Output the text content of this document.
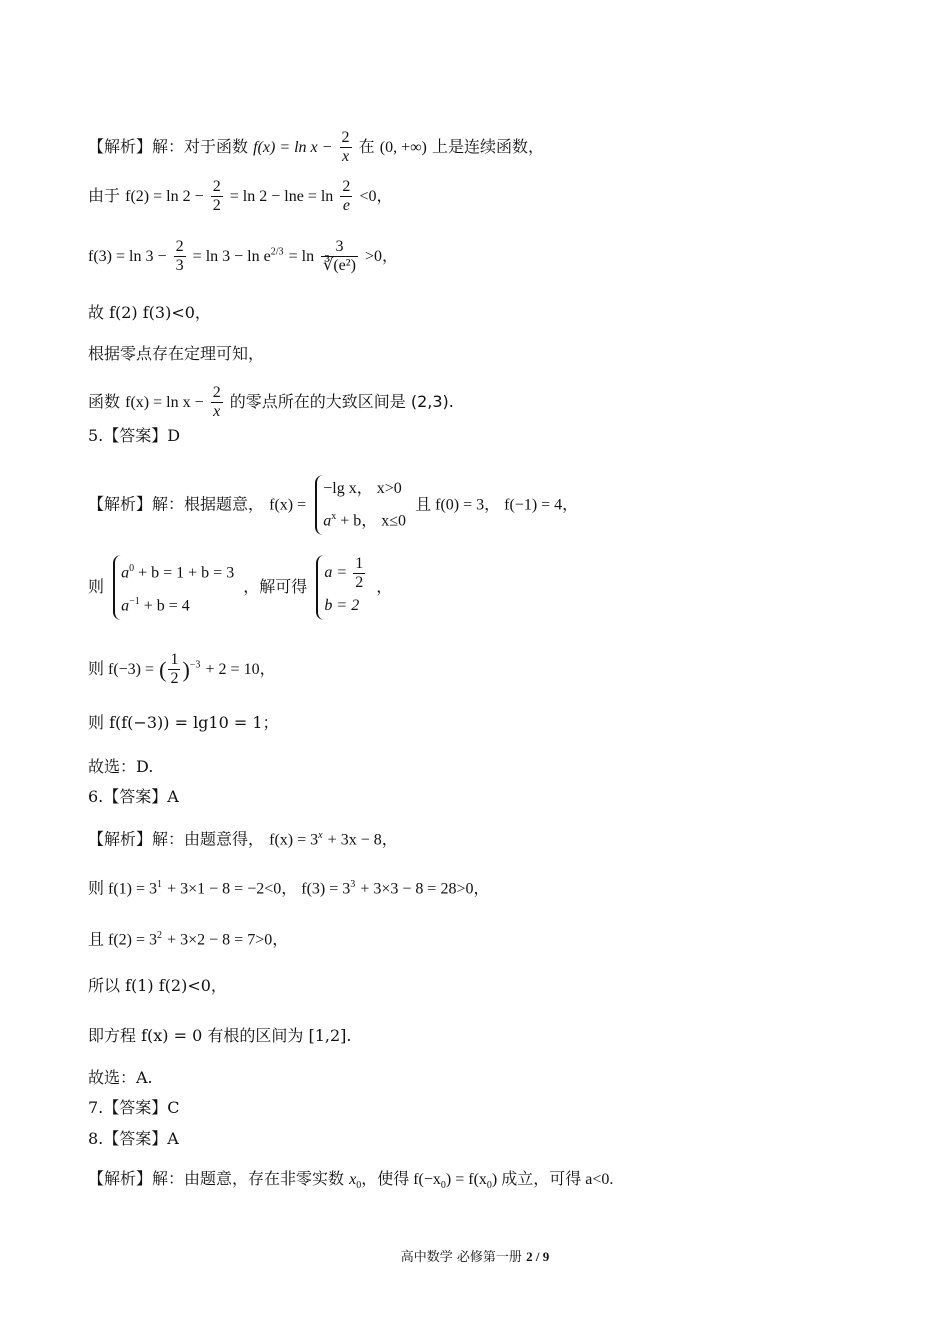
【解析】解：对于函数 $f(x) = \ln x - \frac{2}{x}$ 在 (0, +∞) 上是连续函数，
由于 $f(2) = \ln 2 - \frac{2}{2} = \ln 2 - \ln e = \ln \frac{2}{e} <0$，
$f(3) = \ln 3 - \frac{2}{3} = \ln 3 - \ln e^{2/3} = \ln \frac{3}{\text{∛(e²)}} >0$，
故 f(2) f(3)<0，
根据零点存在定理可知，
函数 $f(x) = \ln x - \frac{2}{x}$ 的零点所在的大致区间是 (2,3).
5.【答案】D
【解析】解：根据题意， f(x) =
−lg x， x>0
$a^x + b$， x≤0
且 f(0) = 3， f(−1) = 4，
则
$a^0 + b = 1 + b = 3$
$a^{-1} + b = 4$
，解可得
$a = \frac{1}{2}$
b = 2
，
则 f(−3) = ( $\frac{1}{2} )^{-3} + 2 = 10$，
则 f(f(−3)) = lg10 = 1；
故选：D.
6.【答案】A
【解析】解：由题意得， $f(x) = 3^x + 3x - 8$，
则 $f(1) = 3^1 + 3\times 1 - 8 = -2<0$， $f(3) = 3^3 + 3\times 3 - 8 = 28>0$，
且 $f(2) = 3^2 + 3\times 2 - 8 = 7>0$，
所以 f(1) f(2)<0，
即方程 f(x) = 0 有根的区间为 [1,2].
故选：A.
7.【答案】C
8.【答案】A
【解析】解：由题意，存在非零实数 $x_0$，使得 $f(-x_0) = f(x_0)$ 成立，可得 a<0.
高中数学 必修第一册 2 / 9
